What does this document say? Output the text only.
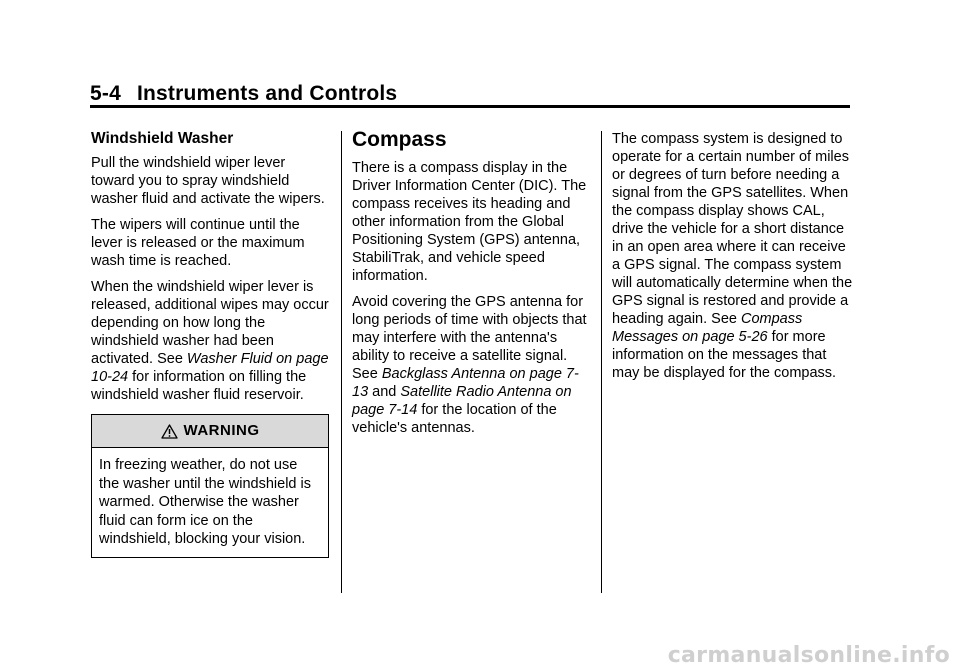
5-4 Instruments and Controls
Windshield Washer

Pull the windshield wiper lever toward you to spray windshield washer fluid and activate the wipers.

The wipers will continue until the lever is released or the maximum wash time is reached.

When the windshield wiper lever is released, additional wipes may occur depending on how long the windshield washer had been activated. See Washer Fluid on page 10-24 for information on filling the windshield washer fluid reservoir.

WARNING
In freezing weather, do not use the washer until the windshield is warmed. Otherwise the washer fluid can form ice on the windshield, blocking your vision.
Compass

There is a compass display in the Driver Information Center (DIC). The compass receives its heading and other information from the Global Positioning System (GPS) antenna, StabiliTrak, and vehicle speed information.

Avoid covering the GPS antenna for long periods of time with objects that may interfere with the antenna's ability to receive a satellite signal. See Backglass Antenna on page 7-13 and Satellite Radio Antenna on page 7-14 for the location of the vehicle's antennas.

The compass system is designed to operate for a certain number of miles or degrees of turn before needing a signal from the GPS satellites. When the compass display shows CAL, drive the vehicle for a short distance in an open area where it can receive a GPS signal. The compass system will automatically determine when the GPS signal is restored and provide a heading again. See Compass Messages on page 5-26 for more information on the messages that may be displayed for the compass.

carmanualsonline.info
